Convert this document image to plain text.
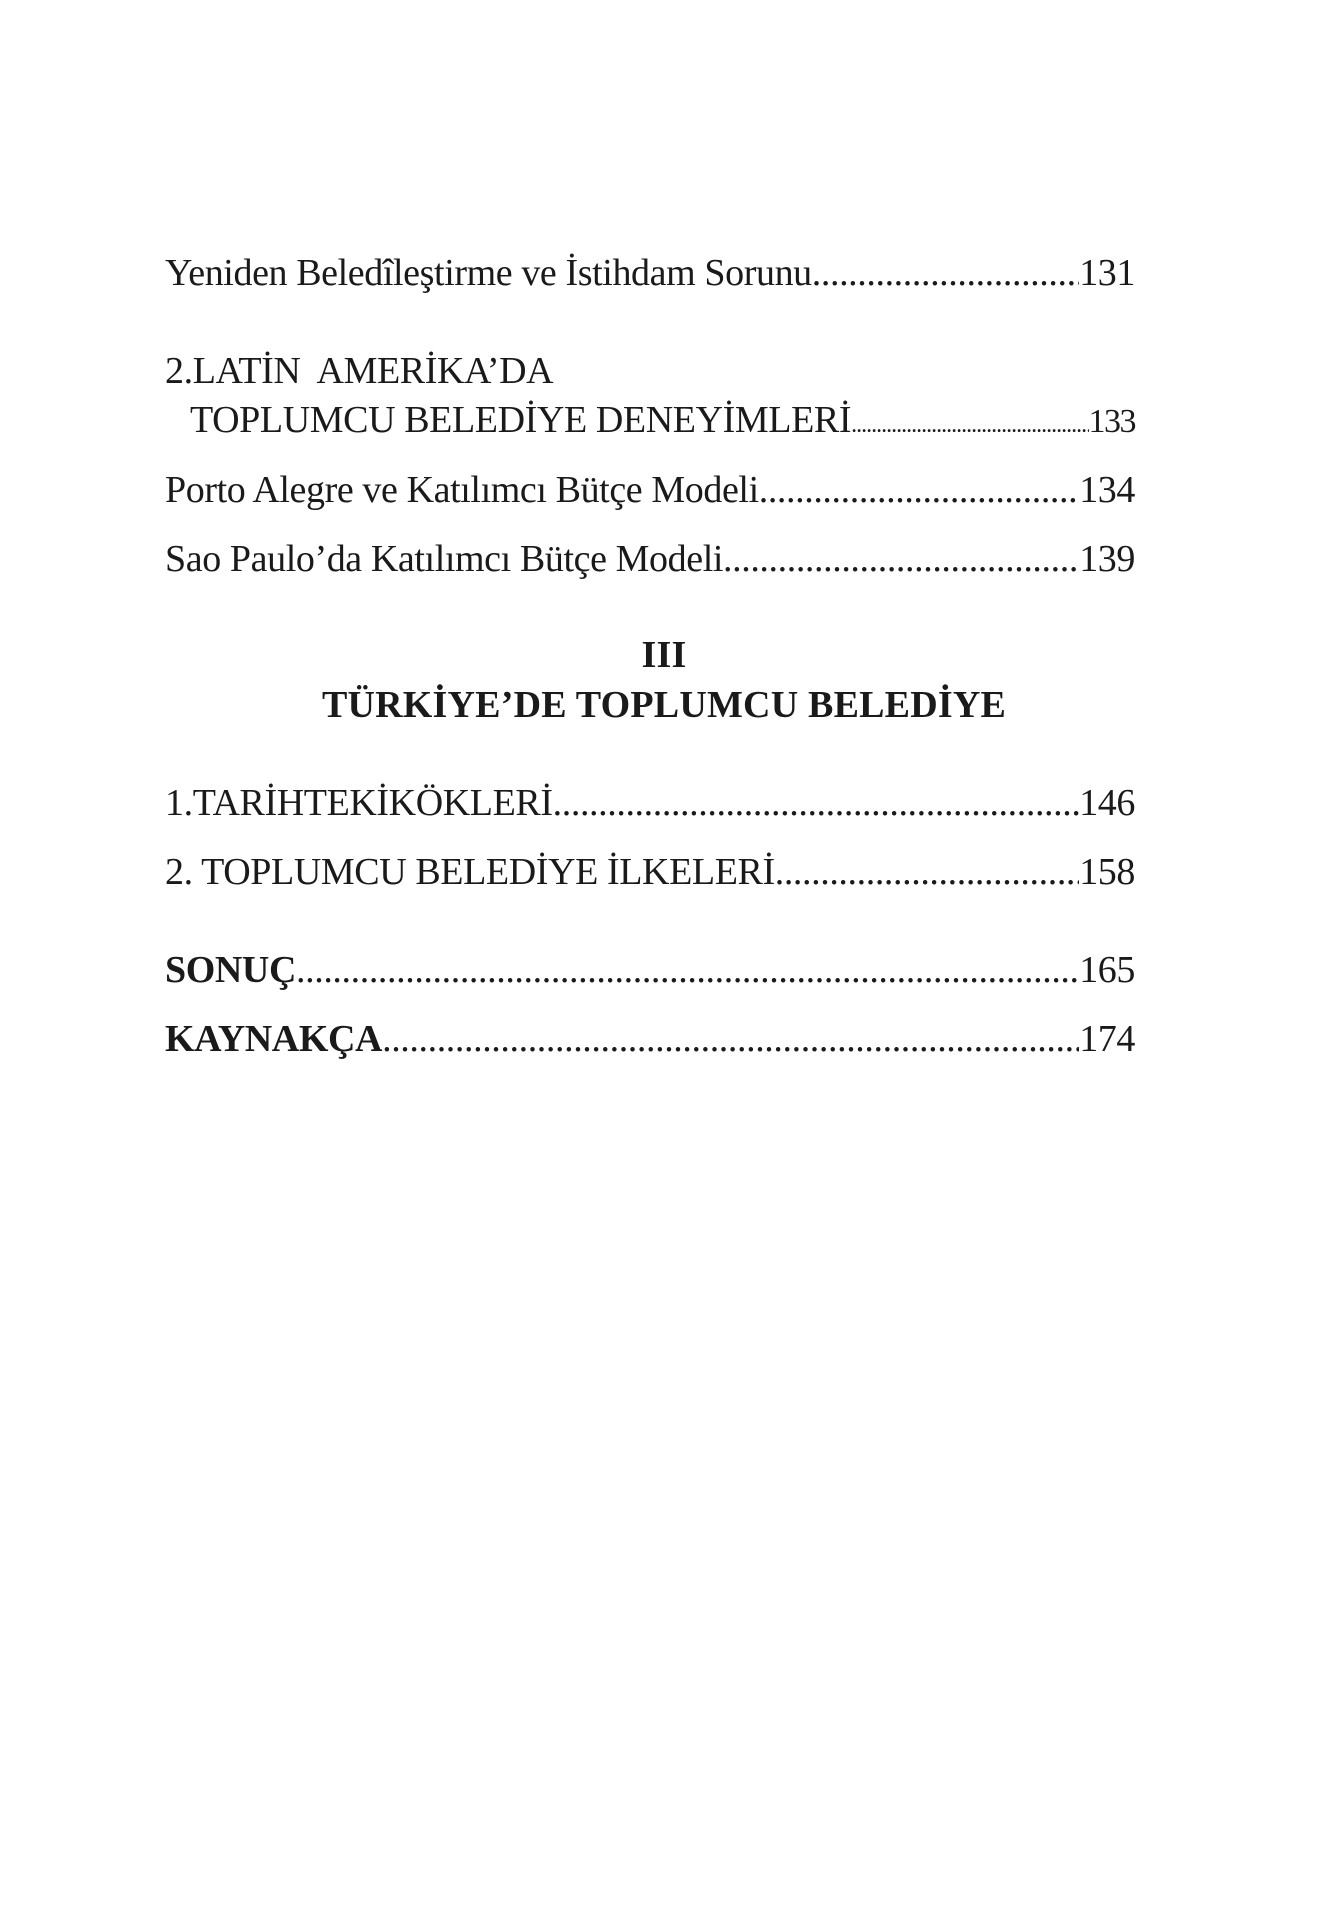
Yeniden Beledîleştirme ve İstihdam Sorunu .....	131
2.LATİN  AMERİKA’DA
TOPLUMCU BELEDİYE DENEYİMLERİ .....	133
Porto Alegre ve Katılımcı Bütçe Modeli .....	134
Sao Paulo’da Katılımcı Bütçe Modeli .....	139
III
TÜRKİYE’DE TOPLUMCU BELEDİYE
1.TARİHTEKİKÖKLERİ .....	146
2. TOPLUMCU BELEDİYE İLKELERİ .....	158
SONUÇ .....	165
KAYNAKÇA .....	174
